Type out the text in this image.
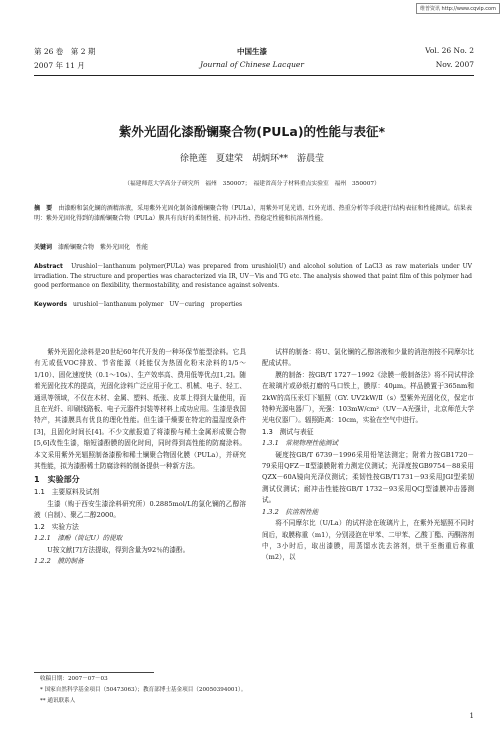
维普资讯 http://www.cqvip.com
第 26 卷　第 2 期
2007 年 11 月
中国生漆
Journal of Chinese Lacquer
Vol. 26 No. 2
Nov. 2007
紫外光固化漆酚镧聚合物(PULa)的性能与表征*
徐艳莲　夏建荣　胡炳环**　游晨莹
（福建师范大学高分子研究所　福州　350007；　福建省高分子材料重点实验室　福州　350007）
摘　要　 由漆酚和氯化镧的酒精溶液，采用紫外光固化制备漆酚镧聚合物（PULa），用紫外可见光谱、红外光谱、热重分析等手段进行结构表征和性能测试。结果表明：紫外光固化得到的漆酚镧聚合物（PULa）膜具有良好的柔韧性能、抗冲击性、热稳定性能和抗溶剂性能。
关键词　 漆酚镧聚合物　紫外光固化　性能
Abstract　 Urushiol－lanthanum polymer(PULa) was prepared from urushiol(U) and alcohol solution of LaCl3 as raw materials under UV irradiation. The structure and properties was characterized via IR, UV－Vis and TG etc. The analysis showed that paint film of this polymer had good performance on flexibility, thermostability, and resistance against solvents.
Keywords　 urushiol－lanthanum polymer　UV－curing　properties

紫外光固化涂料是20世纪60年代开发的一种环保节能型涂料。它具有无或低VOC排放、节省能源（耗能仅为热固化粉末涂料的1/5～1/10）、固化速度快（0.1～10s）、生产效率高、费用低等优点[1,2]。随着光固化技术的提高，光固化涂料广泛应用于化工、机械、电子、轻工、通讯等领域，不仅在木材、金属、塑料、纸张、皮革上得到大量使用，而且在光纤、印刷线路板、电子元器件封装等材料上成功应用。生漆是我国特产，其漆膜具有优良的理化性能。但生漆干燥要在特定的温湿度条件[3]，且固化时间长[4]。不少文献报道了将漆酚与稀土金属形成聚合物[5,6]改性生漆，缩短漆酚膜的固化时间，同时得到高性能的防腐涂料。本文采用紫外光辐照制备漆酚和稀土镧聚合物固化膜（PULa），并研究其性能，拟为漆酚稀土防腐涂料的制备提供一种新方法。

1　实验部分

1.1　主要原料及试剂

生漆（购于西安生漆涂料研究所）0.2885mol/L的氯化镧的乙醇溶液（自制）、聚乙二醇2000。

1.2　实验方法

1.2.1　漆酚（简记U）的提取

U按文献[7]方法提取，得到含量为92％的漆酚。

1.2.2　膜的制备

试样的制备：将U、氯化镧的乙醇溶液和少量的消泡剂按不同摩尔比配成试样。

膜的制备：按GB/T 1727－1992《涂膜一般制备法》将不同试样涂在玻璃片或砂纸打磨的马口铁上，膜厚：40μm。样品膜置于365nm和2kW的高压汞灯下辐照（GY. UV2kW/Ⅱ（s）型紫外光固化仪，保定市特种光源电器厂），光强：103mW/cm²（UV－A光强计，北京师范大学光电仪器厂）。辐照距离：10cm，实验在空气中进行。

1.3　测试与表征

1.3.1　常规物理性能测试

硬度按GB/T 6739－1996采用铅笔法测定；附着力按GB1720－79采用QFZ－Ⅱ型漆膜附着力测定仪测试；光泽度按GB9754－88采用QZX－60A镜向光泽仪测试；柔韧性按GB/T1731－93采用JGI型柔韧测试仪测试；耐冲击性能按GB/T 1732－93采用QCJ型漆膜冲击器测试。

1.3.2　抗溶剂性能

将不同摩尔比（U/La）的试样涂在玻璃片上，在紫外光辐照不同时间后，取膜称重（m1），分别浸泡在甲苯、二甲苯、乙酸丁酯、丙酮溶剂中，3小时后，取出漆膜，用蒸馏水洗去溶剂，烘干至衡重后称重（m2），以

收稿日期：2007－07－03
* 国家自然科学基金项目（50473063）；教育部博士基金项目（20050394001）。
** 通讯联系人
1
